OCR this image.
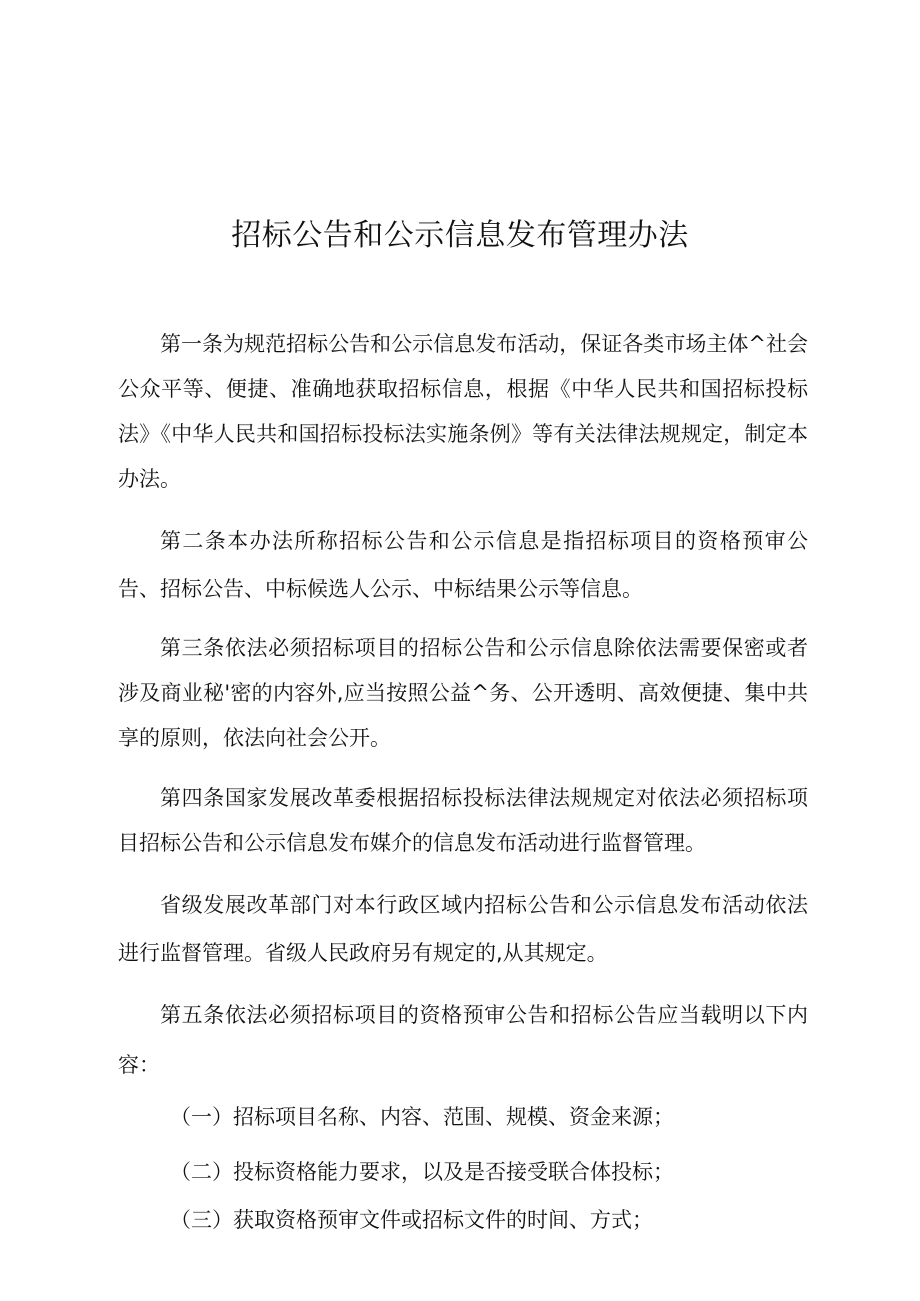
招标公告和公示信息发布管理办法

第一条为规范招标公告和公示信息发布活动，保证各类市场主体^社会公众平等、便捷、准确地获取招标信息，根据《中华人民共和国招标投标法》《中华人民共和国招标投标法实施条例》等有关法律法规规定，制定本办法。

第二条本办法所称招标公告和公示信息是指招标项目的资格预审公告、招标公告、中标候选人公示、中标结果公示等信息。

第三条依法必须招标项目的招标公告和公示信息除依法需要保密或者涉及商业秘'密的内容外,应当按照公益^务、公开透明、高效便捷、集中共享的原则，依法向社会公开。

第四条国家发展改革委根据招标投标法律法规规定对依法必须招标项目招标公告和公示信息发布媒介的信息发布活动进行监督管理。

省级发展改革部门对本行政区域内招标公告和公示信息发布活动依法进行监督管理。省级人民政府另有规定的,从其规定。

第五条依法必须招标项目的资格预审公告和招标公告应当载明以下内容：

（一）招标项目名称、内容、范围、规模、资金来源；

（二）投标资格能力要求，以及是否接受联合体投标；

（三）获取资格预审文件或招标文件的时间、方式；
